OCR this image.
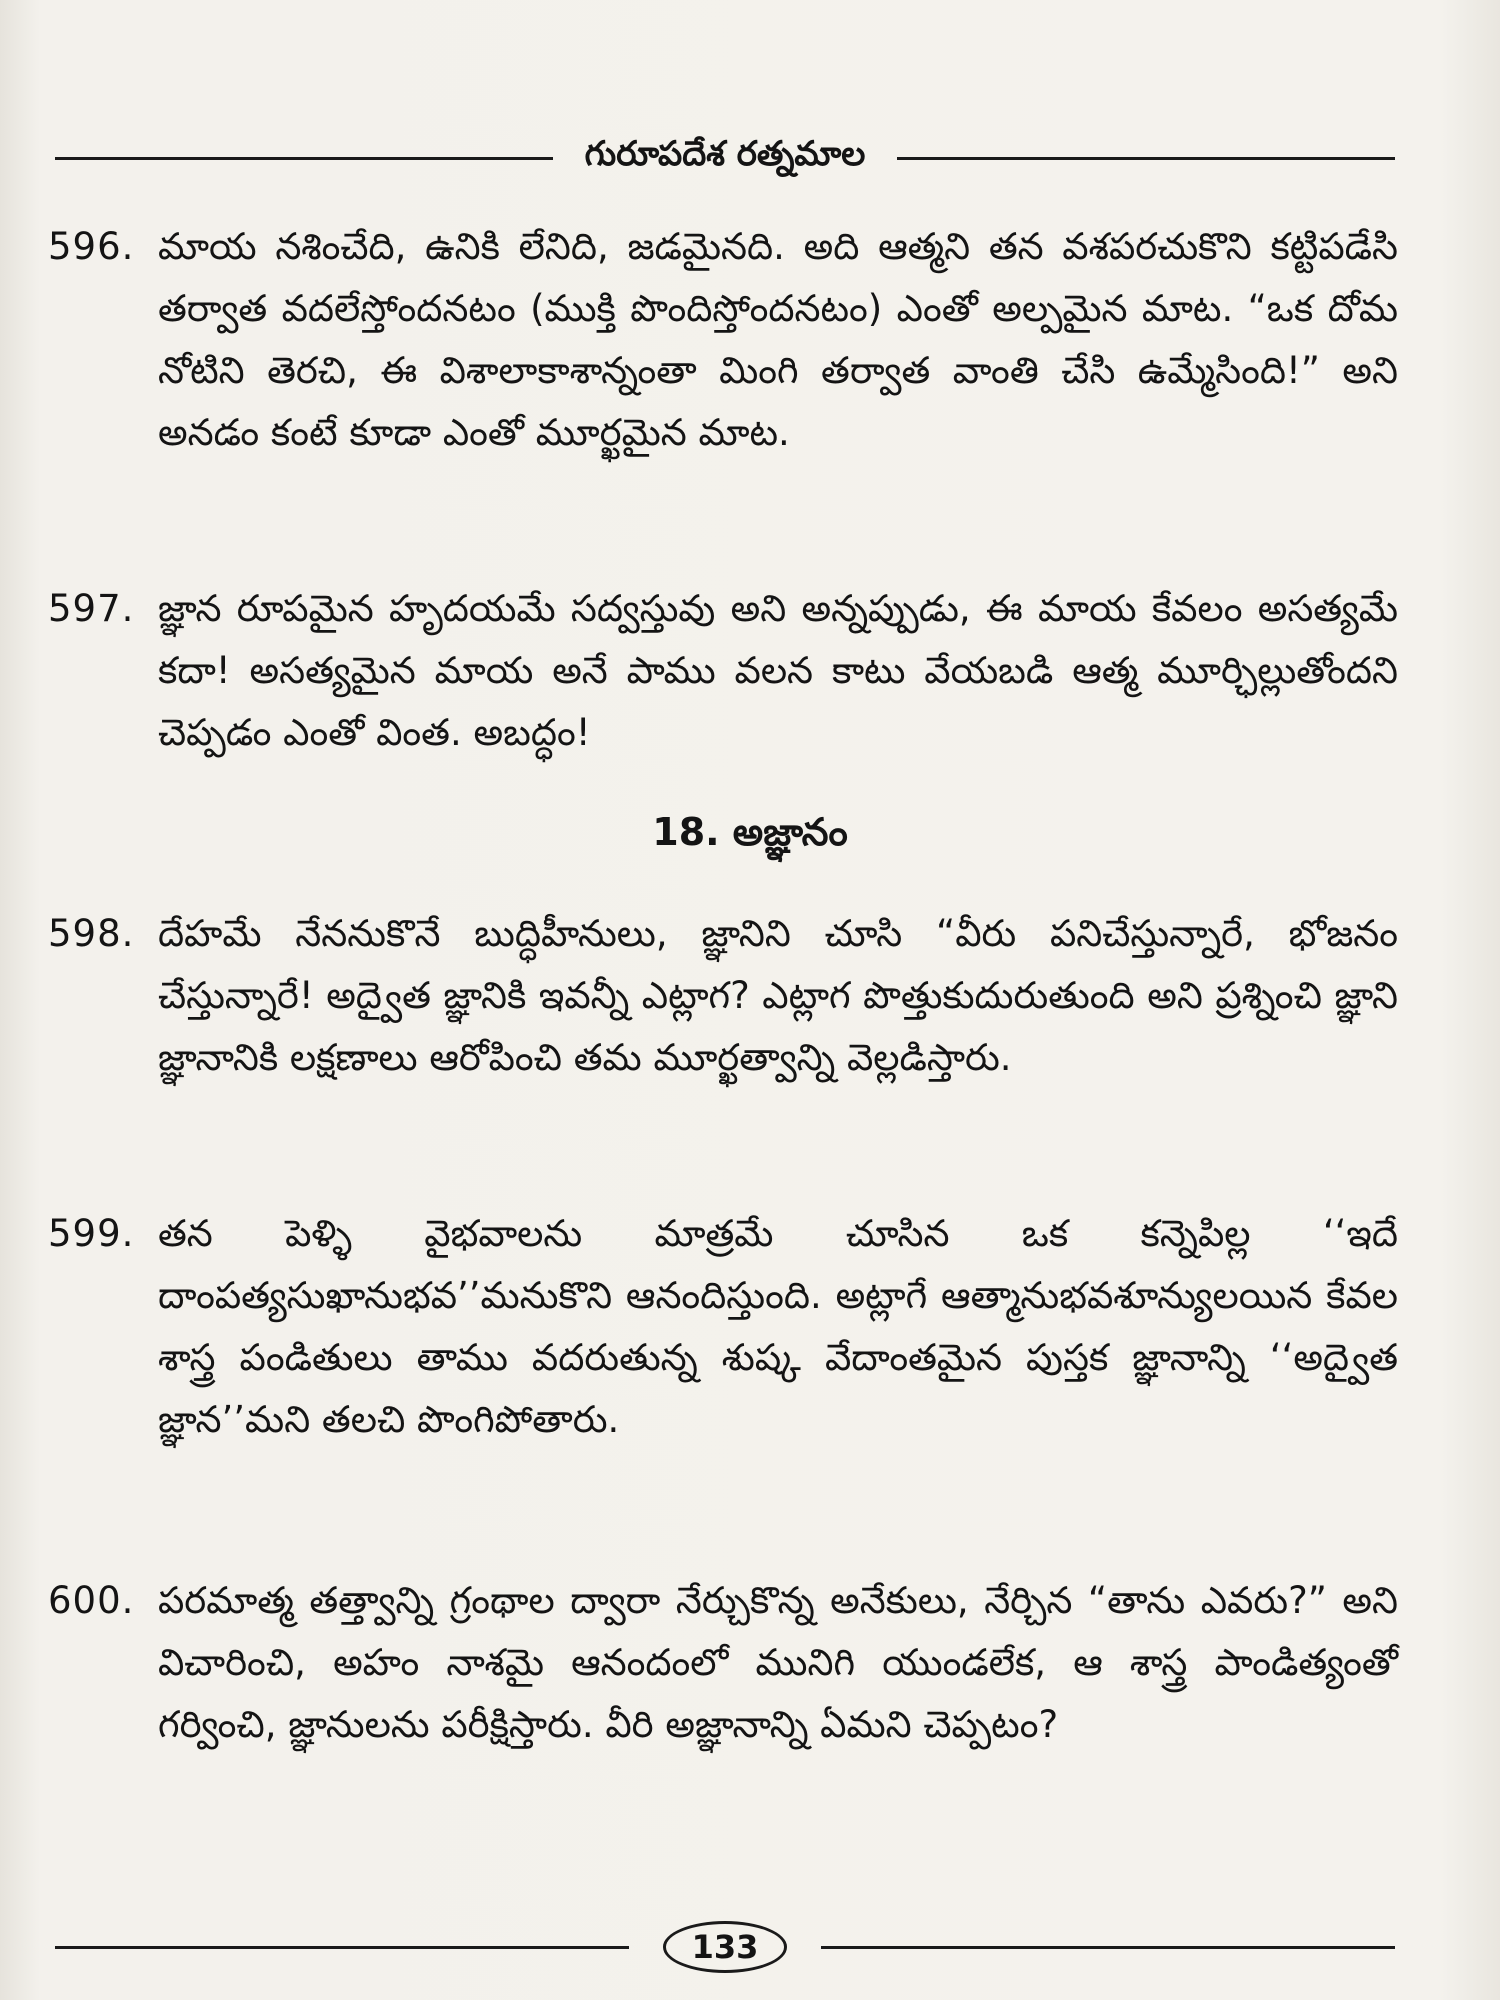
గురూపదేశ రత్నమాల
596. మాయ నశించేది, ఉనికి లేనిది, జడమైనది. అది ఆత్మని తన వశపరచుకొని కట్టిపడేసి తర్వాత వదలేస్తోందనటం (ముక్తి పొందిస్తోందనటం) ఎంతో అల్పమైన మాట. “ఒక దోమ నోటిని తెరచి, ఈ విశాలాకాశాన్నంతా మింగి తర్వాత వాంతి చేసి ఉమ్మేసింది!” అని అనడం కంటే కూడా ఎంతో మూర్ఖమైన మాట.
597. జ్ఞాన రూపమైన హృదయమే సద్వస్తువు అని అన్నప్పుడు, ఈ మాయ కేవలం అసత్యమే కదా! అసత్యమైన మాయ అనే పాము వలన కాటు వేయబడి ఆత్మ మూర్ఛిల్లుతోందని చెప్పడం ఎంతో వింత. అబద్ధం!
18. అజ్ఞానం
598. దేహమే నేననుకొనే బుద్ధిహీనులు, జ్ఞానిని చూసి “వీరు పనిచేస్తున్నారే, భోజనం చేస్తున్నారే! అద్వైత జ్ఞానికి ఇవన్నీ ఎట్లాగ? ఎట్లాగ పొత్తుకుదురుతుంది అని ప్రశ్నించి జ్ఞాని జ్ఞానానికి లక్షణాలు ఆరోపించి తమ మూర్ఖత్వాన్ని వెల్లడిస్తారు.
599. తన పెళ్ళి వైభవాలను మాత్రమే చూసిన ఒక కన్నెపిల్ల ‘‘ఇదే దాంపత్యసుఖానుభవ’’మనుకొని ఆనందిస్తుంది. అట్లాగే ఆత్మానుభవశూన్యులయిన కేవల శాస్త్ర పండితులు తాము వదరుతున్న శుష్క వేదాంతమైన పుస్తక జ్ఞానాన్ని ‘‘అద్వైత జ్ఞాన’’మని తలచి పొంగిపోతారు.
600. పరమాత్మ తత్త్వాన్ని గ్రంథాల ద్వారా నేర్చుకొన్న అనేకులు, నేర్చిన “తాను ఎవరు?” అని విచారించి, అహం నాశమై ఆనందంలో మునిగి యుండలేక, ఆ శాస్త్ర పాండిత్యంతో గర్వించి, జ్ఞానులను పరీక్షిస్తారు. వీరి అజ్ఞానాన్ని ఏమని చెప్పటం?
133
